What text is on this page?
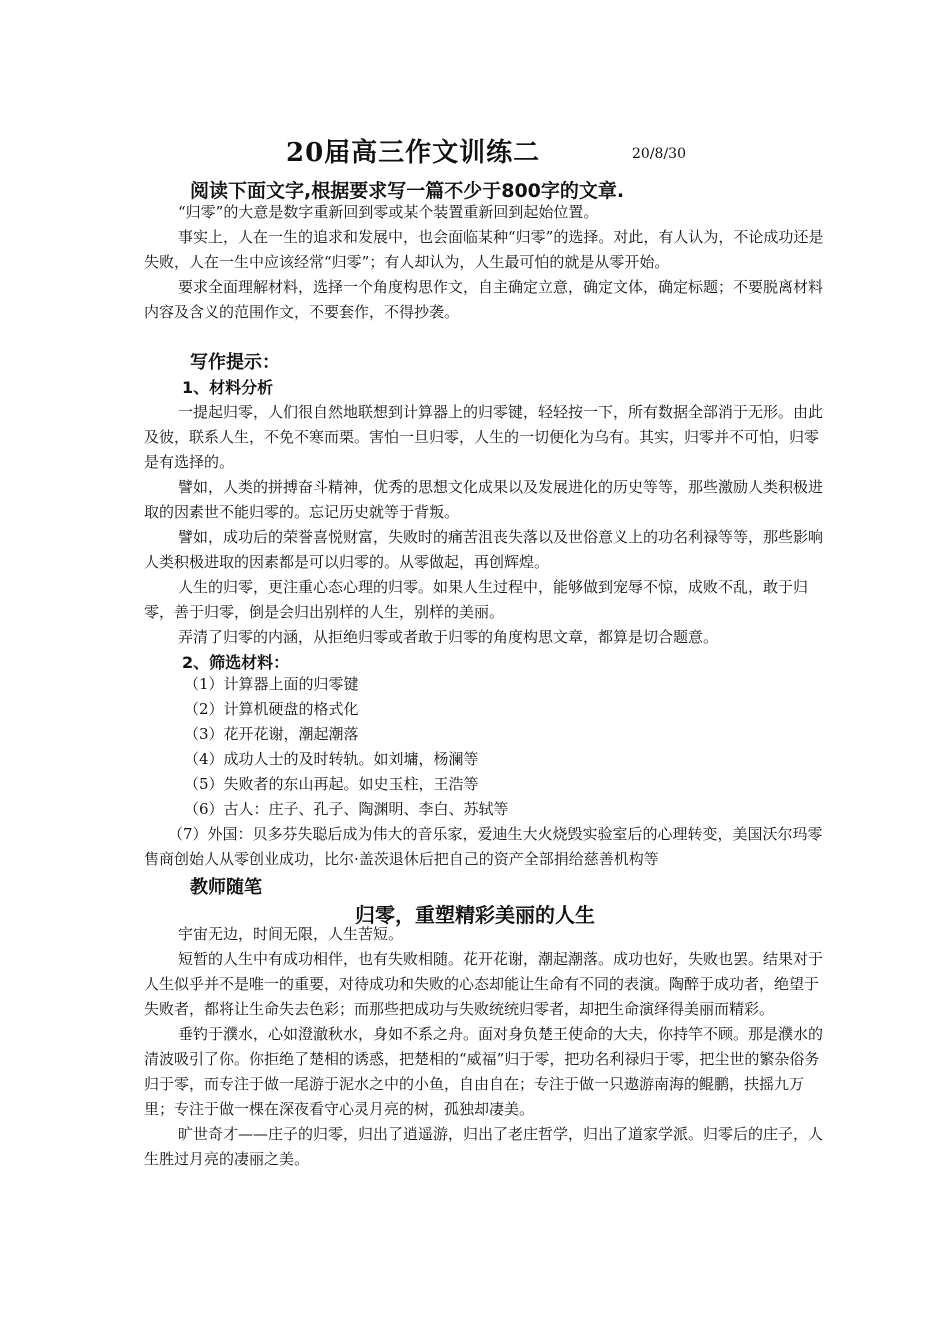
20届高三作文训练二	20/8/30
阅读下面文字,根据要求写一篇不少于800字的文章.

“归零”的大意是数字重新回到零或某个装置重新回到起始位置。

事实上，人在一生的追求和发展中，也会面临某种“归零”的选择。对此，有人认为，不论成功还是失败，人在一生中应该经常“归零”；有人却认为，人生最可怕的就是从零开始。

要求全面理解材料，选择一个角度构思作文，自主确定立意，确定文体，确定标题；不要脱离材料内容及含义的范围作文，不要套作，不得抄袭。

写作提示：
1、材料分析

一提起归零，人们很自然地联想到计算器上的归零键，轻轻按一下，所有数据全部消于无形。由此及彼，联系人生，不免不寒而栗。害怕一旦归零，人生的一切便化为乌有。其实，归零并不可怕，归零是有选择的。

譬如，人类的拼搏奋斗精神，优秀的思想文化成果以及发展进化的历史等等，那些激励人类积极进取的因素世不能归零的。忘记历史就等于背叛。

譬如，成功后的荣誉喜悦财富，失败时的痛苦沮丧失落以及世俗意义上的功名利禄等等，那些影响人类积极进取的因素都是可以归零的。从零做起，再创辉煌。

人生的归零，更注重心态心理的归零。如果人生过程中，能够做到宠辱不惊，成败不乱，敢于归零，善于归零，倒是会归出别样的人生，别样的美丽。

弄清了归零的内涵，从拒绝归零或者敢于归零的角度构思文章，都算是切合题意。

2、筛选材料：
（1）计算器上面的归零键
（2）计算机硬盘的格式化
（3）花开花谢，潮起潮落
（4）成功人士的及时转轨。如刘墉，杨澜等
（5）失败者的东山再起。如史玉柱，王浩等
（6）古人：庄子、孔子、陶渊明、李白、苏轼等

（7）外国：贝多芬失聪后成为伟大的音乐家，爱迪生大火烧毁实验室后的心理转变，美国沃尔玛零售商创始人从零创业成功，比尔·盖茨退休后把自己的资产全部捐给慈善机构等

教师随笔
归零，重塑精彩美丽的人生

宇宙无边，时间无限，人生苦短。

短暂的人生中有成功相伴，也有失败相随。花开花谢，潮起潮落。成功也好，失败也罢。结果对于人生似乎并不是唯一的重要，对待成功和失败的心态却能让生命有不同的表演。陶醉于成功者，绝望于失败者，都将让生命失去色彩；而那些把成功与失败统统归零者，却把生命演绎得美丽而精彩。

垂钓于濮水，心如澄澈秋水，身如不系之舟。面对身负楚王使命的大夫，你持竿不顾。那是濮水的清波吸引了你。你拒绝了楚相的诱惑，把楚相的“威福”归于零，把功名利禄归于零，把尘世的繁杂俗务归于零，而专注于做一尾游于泥水之中的小鱼，自由自在；专注于做一只遨游南海的鲲鹏，扶摇九万里；专注于做一棵在深夜看守心灵月亮的树，孤独却凄美。

旷世奇才——庄子的归零，归出了逍遥游，归出了老庄哲学，归出了道家学派。归零后的庄子，人生胜过月亮的凄丽之美。
